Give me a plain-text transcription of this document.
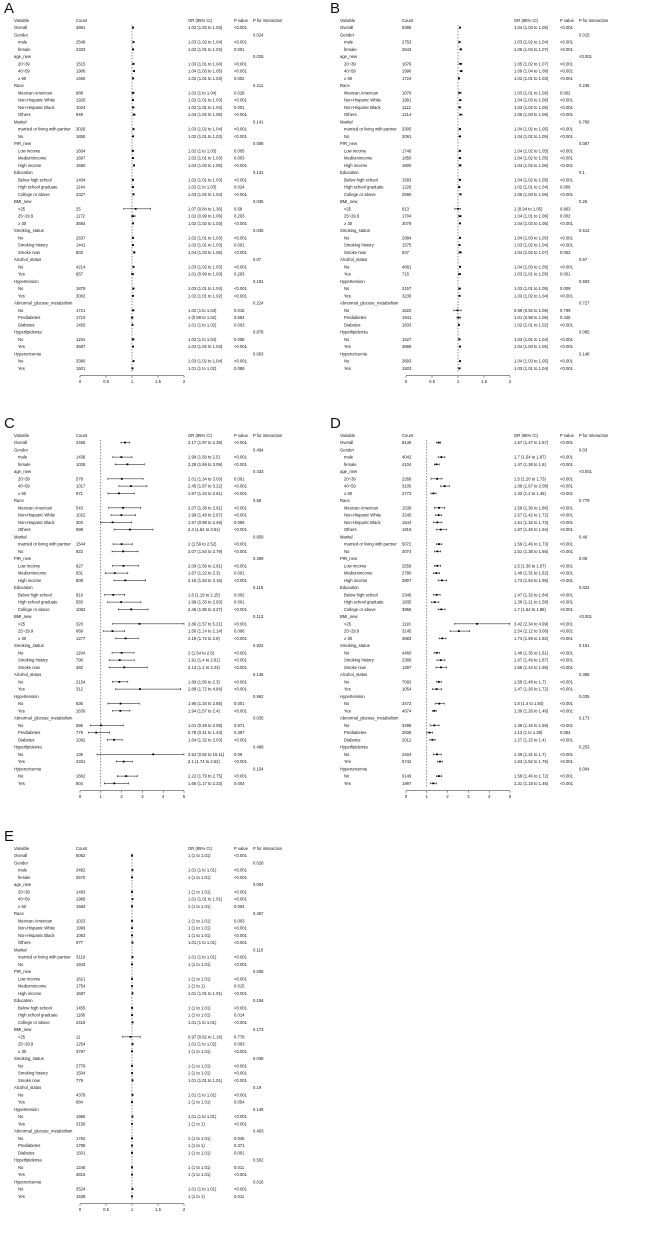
A
Variable	Count	OR (95% CI)	P value P for interaction
Overall	4881	1.02 (1.02 to 1.03)	<0.001
Gender	0.024
male	2548	1.03 (1.02 to 1.04)	<0.001
female	2333	1.02 (1.01 to 1.03)	0.001
age_new	0.025
20~39	1515	1.03 (1.01 to 1.04)	<0.001
40~59	1906	1.04 (1.03 to 1.05)	<0.001
≥ 60	1460	1.02 (1.01 to 1.03)	0.002
Race	0.211
Mexican American	988	1.02 (1 to 1.04)	0.028
Non-Hispanic White	1920	1.02 (1.01 to 1.03)	<0.001
Non-Hispanic Black	1024	1.02 (1.01 to 1.04)	0.001
Others	949	1.04 (1.02 to 1.06)	<0.001
Marital	0.141
married or living with partner 3026	1.03 (1.02 to 1.04)	<0.001
No	1855	1.02 (1.01 to 1.03)	<0.001
PIR_new	0.008
Low income	1604	1.02 (1 to 1.03)	0.005
Mediumincome	1697	1.02 (1.01 to 1.03)	0.003
High income	1580	1.04 (1.03 to 1.05)	<0.001
Education	0.131
Below high school	1404	1.02 (1.01 to 1.03)	<0.001
High school graduate	1144	1.02 (1 to 1.03)	0.024
College or above	2327	1.03 (1.02 to 1.04)	<0.001
BMI_new	0.036
<25	25	1.07 (0.84 to 1.36)	0.58
25~29.9	1172	1.02 (0.99 to 1.06)	0.203
≥ 30	3684	1.02 (1.02 to 1.03)	<0.001
Smoking_status	0.036
No	2637	1.02 (1.01 to 1.03)	<0.001
Smoking history	1441	1.02 (1.01 to 1.03)	0.001
Smoke now	803	1.04 (1.03 to 1.06)	<0.001
Alcohol_status	0.07
No	4214	1.03 (1.02 to 1.03)	<0.001
Yes	667	1.01 (0.99 to 1.03)	0.263
Hypertension	0.181
No	1879	1.03 (1.01 to 1.04)	<0.001
Yes	3002	1.02 (1.01 to 1.02)	<0.001
Abnormal_glucose_metabolism	0.224
No	1721	1.02 (1 to 1.04)	0.015
Prediabetes	1710	1 (0.99 to 1.02)	0.654
Diabetes	1450	1.01 (1 to 1.02)	0.003
Hyperlipidemia	0.878
No	1194	1.02 (1 to 1.04)	0.008
Yes	3687	1.02 (1.02 to 1.03)	<0.001
Hyperuricemia	0.003
No	3380	1.03 (1.02 to 1.04)	<0.001
Yes	1501	1.01 (1 to 1.02)	0.089
0	0.5	1	1.5	2
B
Variable	Count	OR (95% CI)	P value P for interaction
Overall	5396	1.04 (1.03 to 1.05)	<0.001
Gender	0.015
male	2753	1.03 (1.02 to 1.04)	<0.001
female	2643	1.05 (1.04 to 1.07)	<0.001
age_new	<0.001
20~39	1676	1.05 (1.02 to 1.07)	<0.001
40~59	1996	1.06 (1.04 to 1.08)	<0.001
≥ 60	1724	1.02 (1.01 to 1.03)	<0.001
Race	0.236
Mexican American	1079	1.03 (1.01 to 1.06)	0.002
Non-Hispanic White	1991	1.04 (1.03 to 1.06)	<0.001
Non-Hispanic Black	1112	1.03 (1.02 to 1.05)	<0.001
Others	1214	1.05 (1.03 to 1.08)	<0.001
Marital	0.786
married or living with partner 3305	1.04 (1.02 to 1.05)	<0.001
No	2091	1.04 (1.02 to 1.05)	<0.001
PIR_new	0.087
Low income	1746	1.04 (1.02 to 1.05)	<0.001
Mediumincome	1850	1.04 (1.02 to 1.05)	<0.001
High income	1800	1.04 (1.02 to 1.06)	<0.001
Education	0.1
Below high school	1583	1.04 (1.02 to 1.05)	<0.001
High school graduate	1226	1.02 (1.01 to 1.04)	0.006
College or above	2580	1.05 (1.03 to 1.06)	<0.001
BMI_new	0.26
<25	613	1 (0.94 to 1.05)	0.863
25~29.9	1704	1.04 (1.01 to 1.06)	0.002
≥ 30	3079	1.04 (1.03 to 1.05)	<0.001
Smoking_status	0.513
No	2984	1.04 (1.03 to 1.05)	<0.001
Smoking history	1575	1.03 (1.02 to 1.04)	<0.001
Smoke now	837	1.04 (1.02 to 1.07)	0.002
Alcohol_status	0.67
No	4681	1.04 (1.03 to 1.05)	<0.001
Yes	715	1.03 (1.01 to 1.05)	0.001
Hypertension	0.693
No	2157	1.03 (1.01 to 1.05)	0.009
Yes	3239	1.03 (1.02 to 1.04)	<0.001
Abnormal_glucose_metabolism	0.727
No	1622	0.99 (0.92 to 1.06)	0.799
Prediabetes	1941	1.01 (0.98 to 1.05)	0.426
Diabetes	1833	1.02 (1.01 to 1.02)	<0.001
Hyperlipidemia	0.085
No	1527	1.03 (1.01 to 1.04)	<0.001
Yes	3869	1.04 (1.03 to 1.05)	<0.001
Hyperuricemia	0.148
No	3893	1.04 (1.03 to 1.05)	<0.001
Yes	1503	1.03 (1.01 to 1.04)	<0.001
0	0.5	1	1.5	2
C
Variable	Count	OR (95% CI)	P value P for interaction
Overall	2466	2.17 (1.97 to 2.39)	<0.001
Gender	0.494
male	1438	1.99 (1.58 to 2.5)	<0.001
female	1028	2.28 (1.69 to 3.09)	<0.001
age_new	0.433
20~39	578	2.01 (1.34 to 3.03)	0.001
40~59	1017	2.45 (1.87 to 3.22)	<0.001
≥ 60	871	1.87 (1.34 to 2.61)	<0.001
Race	0.58
Mexican American	543	2.07 (1.38 to 2.91)	<0.001
Non-Hispanic White	1022	1.99 (1.49 to 2.67)	<0.001
Non-Hispanic Black	303	1.57 (0.98 to 2.49)	0.059
Others	598	2.4 (1.64 to 3.51)	<0.001
Marital	0.859
married or living with partner 1544	2 (1.59 to 2.52)	<0.001
No	922	2.07 (1.54 to 2.79)	<0.001
PIR_new	0.399
Low income	827	2.09 (1.56 to 2.81)	<0.001
Mediumincome	831	1.67 (1.22 to 2.3)	0.001
High income	808	2.18 (1.63 to 3.16)	<0.001
Education	0.116
Below high school	816	1.6 (1.19 to 2.15)	0.002
High school graduate	583	1.98 (1.33 to 2.93)	0.001
College or above	1062	2.46 (1.85 to 3.27)	<0.001
BMI_new	0.113
<25	320	2.86 (1.57 to 5.21)	<0.001
25~29.9	869	1.56 (1.14 to 2.14)	0.006
≥ 30	1277	2.19 (1.72 to 2.8)	<0.001
Smoking_status	0.922
No	1194	2 (1.54 to 2.6)	<0.001
Smoking history	790	1.91 (1.4 to 2.61)	<0.001
Smoke now	482	2.13 (1.4 to 3.23)	<0.001
Alcohol_status	0.136
No	2154	1.89 (1.56 to 2.3)	<0.001
Yes	312	2.88 (1.72 to 4.84)	<0.001
Hypertension	0.962
No	836	1.95 (1.34 to 2.85)	0.001
Yes	1630	1.94 (1.57 to 2.4)	<0.001
Abnormal_glucose_metabolism	0.035
No	595	1.01 (0.49 to 2.08)	0.971
Prediabetes	779	0.78 (0.41 to 1.43)	0.397
Diabetes	1092	1.64 (1.32 to 2.03)	<0.001
Hyperlipidemia	0.488
No	135	3.52 (0.82 to 15.11) 0.09
Yes	2331	2.1 (1.74 to 2.52)	<0.001
Hyperuricemia	0.154
No	1662	2.22 (1.79 to 2.75)	<0.001
Yes	804	1.65 (1.17 to 2.33)	0.004
0	1	2	3	4	5
D
Variable	Count	OR (95% CI)	P value P for interaction
Overall	8146	1.57 (1.47 to 1.67)	<0.001
Gender	0.03
male	4042	1.7 (1.54 to 1.87)	<0.001
female	4104	1.47 (1.36 to 1.6)	<0.001
age_new	<0.001
20~39	2268	1.5 (1.20 to 1.73)	<0.001
40~59	3105	1.86 (1.67 to 2.08)	<0.001
≥ 60	2773	1.32 (1.2 to 1.45)	<0.001
Race	0.779
Mexican American	1536	1.59 (1.36 to 1.86)	<0.001
Non-Hispanic White	3245	1.57 (1.42 to 1.72)	<0.001
Non-Hispanic Black	1544	1.51 (1.32 to 1.73)	<0.001
Others	1819	1.67 (1.45 to 1.94)	<0.001
Marital	0.46
married or living with partner 5072	1.59 (1.46 to 1.73)	<0.001
No	3074	1.51 (1.38 to 1.66)	<0.001
PIR_new	0.08
Low income	2559	1.5 (1.36 to 1.67)	<0.001
Mediumincome	2780	1.46 (1.31 to 1.62)	<0.001
High income	2807	1.73 (1.54 to 1.95)	<0.001
Education	0.022
Below high school	2346	1.47 (1.32 to 1.64)	<0.001
High school graduate	1835	1.38 (1.21 to 1.58)	<0.001
College or above	3956	1.7 (1.54 to 1.88)	<0.001
BMI_new	<0.001
<25	1116	3.42 (2.34 to 4.99)	<0.001
25~29.9	3145	2.54 (2.12 to 3.06)	<0.001
≥ 30	3883	1.74 (1.59 to 1.92)	<0.001
Smoking_status	0.151
No	4460	1.48 (1.35 to 1.61)	<0.001
Smoking history	2389	1.67 (1.49 to 1.87)	<0.001
Smoke now	1297	1.68 (1.44 to 1.95)	<0.001
Alcohol_status	0.385
No	7092	1.58 (1.48 to 1.7)	<0.001
Yes	1054	1.47 (1.26 to 1.72)	<0.001
Hypertension	0.035
No	3472	1.6 (1.4 to 1.84)	<0.001
Yes	4674	1.36 (1.26 to 1.46)	<0.001
Abnormal_glucose_metabolism	0.173
No	3298	1.36 (1.16 to 1.59)	<0.001
Prediabetes	2836	1.13 (1 to 1.28)	0.054
Diabetes	2012	1.27 (1.15 to 1.4)	<0.001
Hyperlipidemia	0.253
No	2404	1.49 (1.31 to 1.7)	<0.001
Yes	5742	1.63 (1.52 to 1.75)	<0.001
Hyperuricemia	0.004
No	6149	1.58 (1.46 to 1.72)	<0.001
Yes	1997	1.31 (1.18 to 1.46)	<0.001
0	1	2	3	4	5
E
Variable	Count	OR (95% CI)	P value P for interaction
Overall	5062	1 (1 to 1.01)	<0.001
Gender	0.028
male	2492	1.01 (1 to 1.01)	<0.001
female	2570	1 (1 to 1.01)	<0.001
age_new	0.004
20~39	1493	1 (1 to 1.01)	<0.001
40~59	1985	1.01 (1.01 to 1.01)	<0.001
≥ 60	1584	1 (1 to 1.01)	0.004
Race	0.457
Mexican American	1023	1 (1 to 1.01)	0.003
Non-Hispanic White	1999	1 (1 to 1.01)	<0.001
Non-Hispanic Black	1063	1 (1 to 1.01)	<0.001
Others	977	1.01 (1 to 1.01)	<0.001
Marital	0.116
married or living with partner 3119	1.01 (1 to 1.01)	<0.001
No	1943	1 (1 to 1.01)	<0.001
PIR_new	0.008
Low income	1621	1 (1 to 1.01)	<0.001
Mediumincome	1754	1 (1 to 1)	0.015
High income	1687	1.01 (1.01 to 1.01)	<0.001
Education	0.156
Below high school	1455	1 (1 to 1.01)	<0.001
High school graduate	1186	1 (1 to 1.01)	0.014
College or above	2416	1.01 (1 to 1.01)	<0.001
BMI_new	0.173
<25	11	0.97 (0.82 to 1.16)	0.776
25~29.9	1254	1.01 (1 to 1.02)	0.003
≥ 30	3797	1 (1 to 1.01)	<0.001
Smoking_status	0.038
No	2779	1 (1 to 1.01)	<0.001
Smoking history	1504	1 (1 to 1.01)	<0.001
Smoke now	779	1.01 (1.01 to 1.01)	<0.001
Alcohol_status	0.19
No	4378	1.01 (1 to 1.01)	<0.001
Yes	684	1 (1 to 1.01)	0.054
Hypertension	0.148
No	1966	1.01 (1 to 1.01)	<0.001
Yes	3156	1 (1 to 1)	<0.001
Abnormal_glucose_metabolism	0.403
No	1762	1 (1 to 1.01)	0.045
Prediabetes	1799	1 (1 to 1)	0.371
Diabetes	1501	1 (1 to 1.01)	0.001
Hyperlipidemia	0.502
No	1246	1 (1 to 1.01)	0.011
Yes	3816	1 (1 to 1.01)	<0.001
Hyperuricemia	0.016
No	3524	1.01 (1 to 1.01)	<0.001
Yes	1538	1 (1 to 1)	0.011
0	0.5	1	1.5	2
